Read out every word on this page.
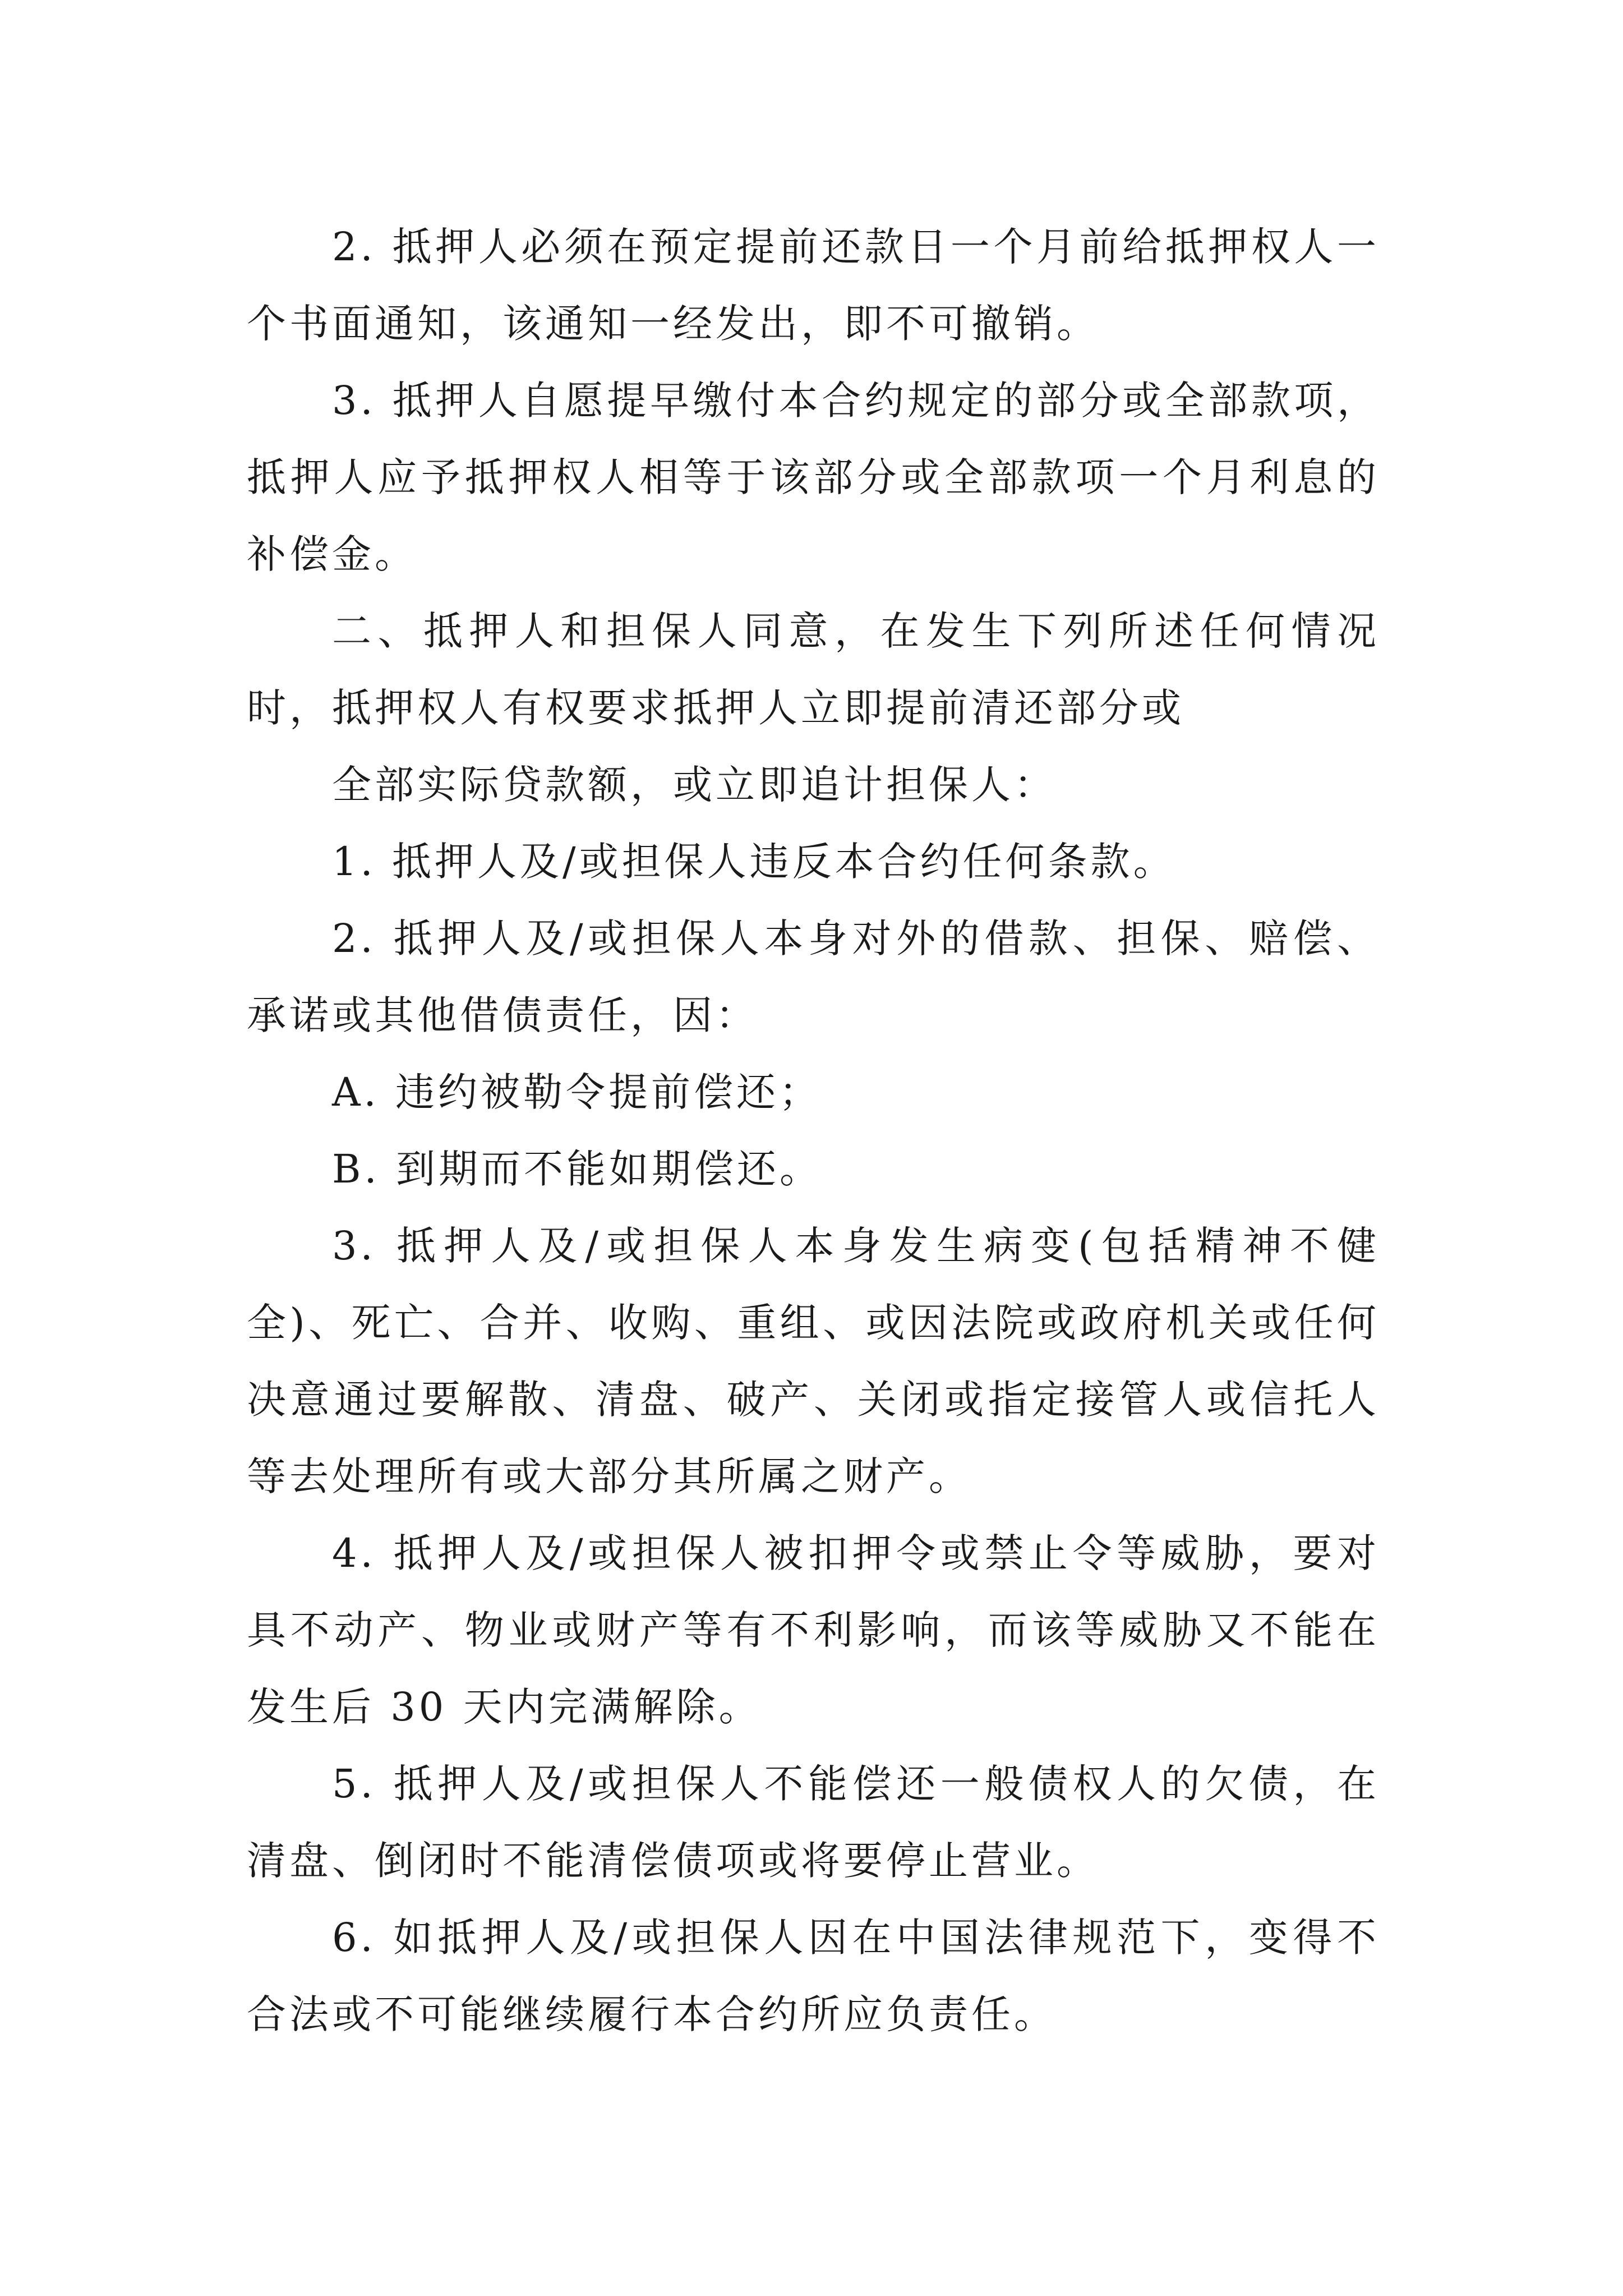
2. 抵押人必须在预定提前还款日一个月前给抵押权人一个书面通知，该通知一经发出，即不可撤销。

3. 抵押人自愿提早缴付本合约规定的部分或全部款项，抵押人应予抵押权人相等于该部分或全部款项一个月利息的补偿金。

二、抵押人和担保人同意，在发生下列所述任何情况时，抵押权人有权要求抵押人立即提前清还部分或

全部实际贷款额，或立即追计担保人：

1. 抵押人及/或担保人违反本合约任何条款。

2. 抵押人及/或担保人本身对外的借款、担保、赔偿、承诺或其他借债责任，因：

A. 违约被勒令提前偿还；

B. 到期而不能如期偿还。

3. 抵押人及/或担保人本身发生病变(包括精神不健全)、死亡、合并、收购、重组、或因法院或政府机关或任何决意通过要解散、清盘、破产、关闭或指定接管人或信托人等去处理所有或大部分其所属之财产。

4. 抵押人及/或担保人被扣押令或禁止令等威胁，要对具不动产、物业或财产等有不利影响，而该等威胁又不能在发生后 30 天内完满解除。

5. 抵押人及/或担保人不能偿还一般债权人的欠债，在清盘、倒闭时不能清偿债项或将要停止营业。

6. 如抵押人及/或担保人因在中国法律规范下，变得不合法或不可能继续履行本合约所应负责任。
